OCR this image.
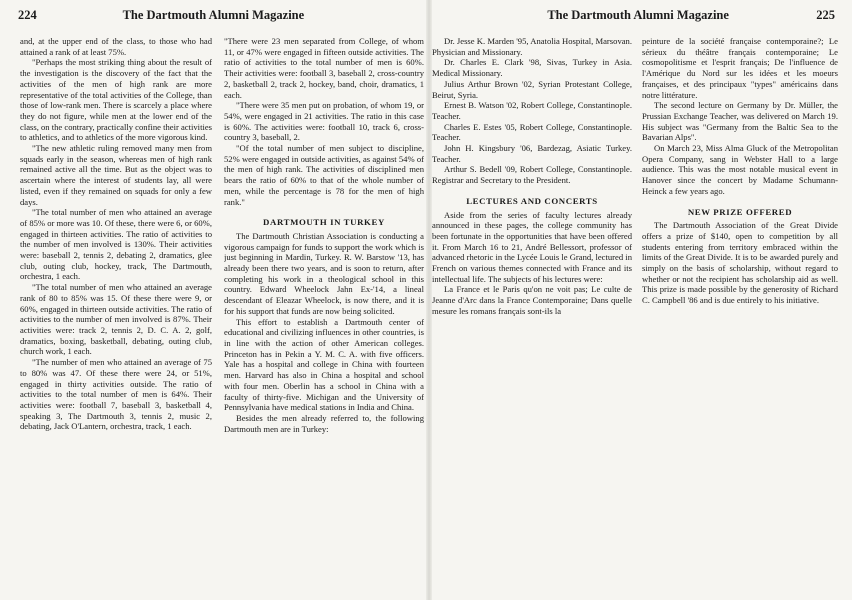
224	The Dartmouth Alumni Magazine	The Dartmouth Alumni Magazine	225

and, at the upper end of the class, to those who had attained a rank of at least 75%.

"Perhaps the most striking thing about the result of the investigation is the discovery of the fact that the activities of the men of high rank are more representative of the total activities of the College, than those of low-rank men. There is scarcely a place where they do not figure, while men at the lower end of the class, on the contrary, practically confine their activities to athletics, and to athletics of the more vigorous kind.

"The new athletic ruling removed many men from squads early in the season, whereas men of high rank remained active all the time. But as the object was to ascertain where the interest of students lay, all were listed, even if they remained on squads for only a few days.

"The total number of men who attained an average of 85% or more was 10. Of these, there were 6, or 60%, engaged in thirteen activities. The ratio of activities to the number of men involved is 130%. Their activities were: baseball 2, tennis 2, debating 2, dramatics, glee club, outing club, hockey, track, The Dartmouth, orchestra, 1 each.

"The total number of men who attained an average rank of 80 to 85% was 15. Of these there were 9, or 60%, engaged in thirteen outside activities. The ratio of activities to the number of men involved is 87%. Their activities were: track 2, tennis 2, D. C. A. 2, golf, dramatics, boxing, basketball, debating, outing club, church work, 1 each.

"The number of men who attained an average of 75 to 80% was 47. Of these there were 24, or 51%, engaged in thirty activities outside. The ratio of activities to the total number of men is 64%. Their activities were: football 7, baseball 3, basketball 4, speaking 3, The Dartmouth 3, tennis 2, music 2, debating, Jack O'Lantern, orchestra, track, 1 each.

"There were 23 men separated from College, of whom 11, or 47% were engaged in fifteen outside activities. The ratio of activities to the total number of men is 60%. Their activities were: football 3, baseball 2, cross-country 2, basketball 2, track 2, hockey, band, choir, dramatics, 1 each.

"There were 35 men put on probation, of whom 19, or 54%, were engaged in 21 activities. The ratio in this case is 60%. The activities were: football 10, track 6, cross-country 3, baseball, 2.

"Of the total number of men subject to discipline, 52% were engaged in outside activities, as against 54% of the men of high rank. The activities of disciplined men bears the ratio of 60% to that of the whole number of men, while the percentage is 78 for the men of high rank."

DARTMOUTH IN TURKEY

The Dartmouth Christian Association is conducting a vigorous campaign for funds to support the work which is just beginning in Mardin, Turkey. R. W. Barstow '13, has already been there two years, and is soon to return, after completing his work in a theological school in this country. Edward Wheelock Jahn Ex-'14, a lineal descendant of Eleazar Wheelock, is now there, and it is for his support that funds are now being solicited.

This effort to establish a Dartmouth center of educational and civilizing influences in other countries, is in line with the action of other American colleges. Princeton has in Pekin a Y. M. C. A. with five officers. Yale has a hospital and college in China with fourteen men. Harvard has also in China a hospital and school with four men. Oberlin has a school in China with a faculty of thirty-five. Michigan and the University of Pennsylvania have medical stations in India and China.

Besides the men already referred to, the following Dartmouth men are in Turkey:

Dr. Jesse K. Marden '95, Anatolia Hospital, Marsovan. Physician and Missionary.

Dr. Charles E. Clark '98, Sivas, Turkey in Asia. Medical Missionary.

Julius Arthur Brown '02, Syrian Protestant College, Beirut, Syria.

Ernest B. Watson '02, Robert College, Constantinople. Teacher.

Charles E. Estes '05, Robert College, Constantinople. Teacher.

John H. Kingsbury '06, Bardezag, Asiatic Turkey. Teacher.

Arthur S. Bedell '09, Robert College, Constantinople. Registrar and Secretary to the President.

LECTURES AND CONCERTS

Aside from the series of faculty lectures already announced in these pages, the college community has been fortunate in the opportunities that have been offered it. From March 16 to 21, André Bellessort, professor of advanced rhetoric in the Lycée Louis le Grand, lectured in French on various themes connected with France and its intellectual life. The subjects of his lectures were:

La France et le Paris qu'on ne voit pas; Le culte de Jeanne d'Arc dans la France Contemporaine; Dans quelle mesure les romans français sont-ils la

peinture de la société française contemporaine?; Le sérieux du théâtre français contemporaine; Le cosmopolitisme et l'esprit français; De l'influence de l'Amérique du Nord sur les idées et les moeurs françaises, et des principaux "types" américains dans notre littérature.

The second lecture on Germany by Dr. Müller, the Prussian Exchange Teacher, was delivered on March 19. His subject was "Germany from the Baltic Sea to the Bavarian Alps".

On March 23, Miss Alma Gluck of the Metropolitan Opera Company, sang in Webster Hall to a large audience. This was the most notable musical event in Hanover since the concert by Madame Schumann-Heinck a few years ago.

NEW PRIZE OFFERED

The Dartmouth Association of the Great Divide offers a prize of $140, open to competition by all students entering from territory embraced within the limits of the Great Divide. It is to be awarded purely and simply on the basis of scholarship, without regard to whether or not the recipient has scholarship aid as well. This prize is made possible by the generosity of Richard C. Campbell '86 and is due entirely to his initiative.
